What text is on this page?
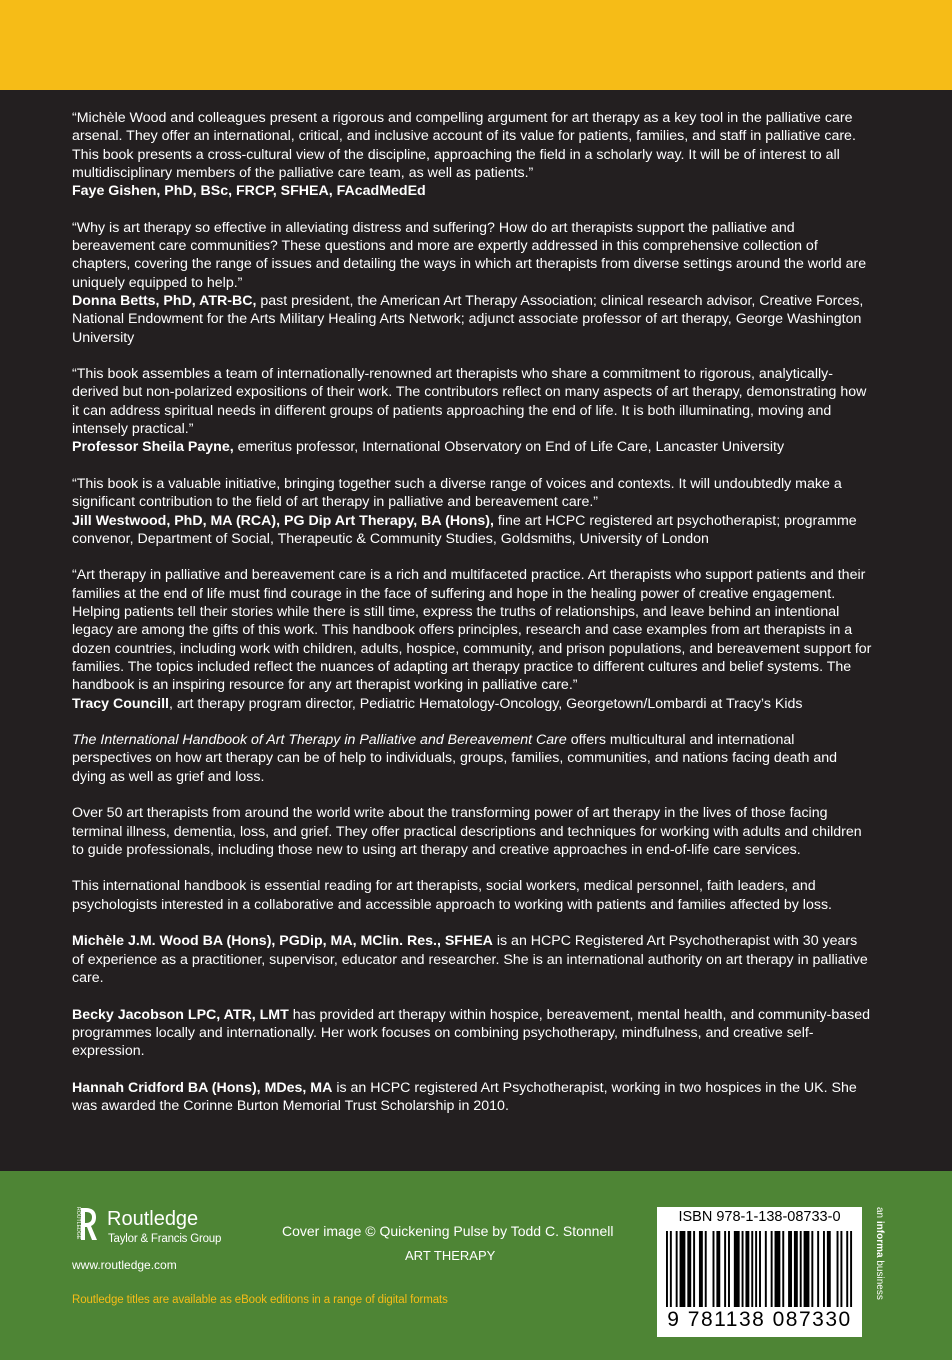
“Michèle Wood and colleagues present a rigorous and compelling argument for art therapy as a key tool in the palliative care arsenal. They offer an international, critical, and inclusive account of its value for patients, families, and staff in palliative care. This book presents a cross-cultural view of the discipline, approaching the field in a scholarly way. It will be of interest to all multidisciplinary members of the palliative care team, as well as patients.”
Faye Gishen, PhD, BSc, FRCP, SFHEA, FAcadMedEd
“Why is art therapy so effective in alleviating distress and suffering? How do art therapists support the palliative and bereavement care communities? These questions and more are expertly addressed in this comprehensive collection of chapters, covering the range of issues and detailing the ways in which art therapists from diverse settings around the world are uniquely equipped to help.”
Donna Betts, PhD, ATR-BC, past president, the American Art Therapy Association; clinical research advisor, Creative Forces, National Endowment for the Arts Military Healing Arts Network; adjunct associate professor of art therapy, George Washington University
“This book assembles a team of internationally-renowned art therapists who share a commitment to rigorous, analytically-derived but non-polarized expositions of their work. The contributors reflect on many aspects of art therapy, demonstrating how it can address spiritual needs in different groups of patients approaching the end of life. It is both illuminating, moving and intensely practical.”
Professor Sheila Payne, emeritus professor, International Observatory on End of Life Care, Lancaster University
“This book is a valuable initiative, bringing together such a diverse range of voices and contexts. It will undoubtedly make a significant contribution to the field of art therapy in palliative and bereavement care.”
Jill Westwood, PhD, MA (RCA), PG Dip Art Therapy, BA (Hons), fine art HCPC registered art psychotherapist; programme convenor, Department of Social, Therapeutic & Community Studies, Goldsmiths, University of London
“Art therapy in palliative and bereavement care is a rich and multifaceted practice. Art therapists who support patients and their families at the end of life must find courage in the face of suffering and hope in the healing power of creative engagement. Helping patients tell their stories while there is still time, express the truths of relationships, and leave behind an intentional legacy are among the gifts of this work. This handbook offers principles, research and case examples from art therapists in a dozen countries, including work with children, adults, hospice, community, and prison populations, and bereavement support for families. The topics included reflect the nuances of adapting art therapy practice to different cultures and belief systems. The handbook is an inspiring resource for any art therapist working in palliative care.”
Tracy Councill, art therapy program director, Pediatric Hematology-Oncology, Georgetown/Lombardi at Tracy’s Kids
The International Handbook of Art Therapy in Palliative and Bereavement Care offers multicultural and international perspectives on how art therapy can be of help to individuals, groups, families, communities, and nations facing death and dying as well as grief and loss.
Over 50 art therapists from around the world write about the transforming power of art therapy in the lives of those facing terminal illness, dementia, loss, and grief. They offer practical descriptions and techniques for working with adults and children to guide professionals, including those new to using art therapy and creative approaches in end-of-life care services.
This international handbook is essential reading for art therapists, social workers, medical personnel, faith leaders, and psychologists interested in a collaborative and accessible approach to working with patients and families affected by loss.
Michèle J.M. Wood BA (Hons), PGDip, MA, MClin. Res., SFHEA is an HCPC Registered Art Psychotherapist with 30 years of experience as a practitioner, supervisor, educator and researcher. She is an international authority on art therapy in palliative care.
Becky Jacobson LPC, ATR, LMT has provided art therapy within hospice, bereavement, mental health, and community-based programmes locally and internationally. Her work focuses on combining psychotherapy, mindfulness, and creative self-expression.
Hannah Cridford BA (Hons), MDes, MA is an HCPC registered Art Psychotherapist, working in two hospices in the UK. She was awarded the Corinne Burton Memorial Trust Scholarship in 2010.
ROUTLEDGE Routledge
Taylor & Francis Group
www.routledge.com
Routledge titles are available as eBook editions in a range of digital formats
Cover image © Quickening Pulse by Todd C. Stonnell
ART THERAPY
ISBN 978-1-138-08733-0
9 781138 087330
an informa business
